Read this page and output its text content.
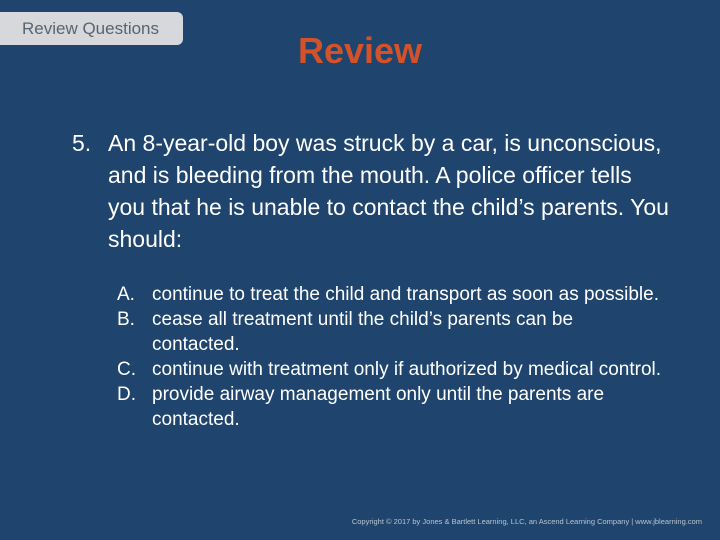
Review Questions
Review
5. An 8-year-old boy was struck by a car, is unconscious, and is bleeding from the mouth. A police officer tells you that he is unable to contact the child’s parents. You should:
A. continue to treat the child and transport as soon as possible.
B. cease all treatment until the child’s parents can be contacted.
C. continue with treatment only if authorized by medical control.
D. provide airway management only until the parents are contacted.
Copyright © 2017 by Jones & Bartlett Learning, LLC, an Ascend Learning Company | www.jblearning.com
